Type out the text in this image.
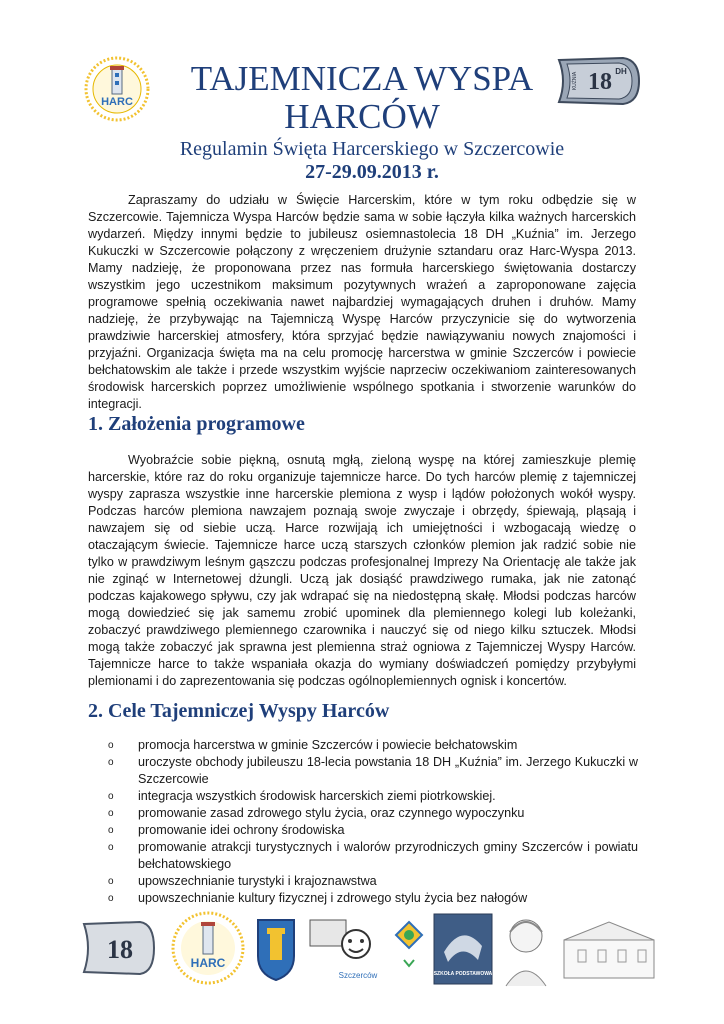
HARC
18 DH
KUŹNIA
TAJEMNICZA WYSPA
HARCÓW

Regulamin Święta Harcerskiego w Szczercowie

27-29.09.2013 r.

Zapraszamy do udziału w Święcie Harcerskim, które w tym roku odbędzie się w Szczercowie. Tajemnicza Wyspa Harców będzie sama w sobie łączyła kilka ważnych harcerskich wydarzeń. Między innymi będzie to jubileusz osiemnastolecia 18 DH „Kuźnia” im. Jerzego Kukuczki w Szczercowie połączony z wręczeniem drużynie sztandaru oraz Harc-Wyspa 2013. Mamy nadzieję, że proponowana przez nas formuła harcerskiego świętowania dostarczy wszystkim jego uczestnikom maksimum pozytywnych wrażeń a zaproponowane zajęcia programowe spełnią oczekiwania nawet najbardziej wymagających druhen i druhów. Mamy nadzieję, że przybywając na Tajemniczą Wyspę Harców przyczynicie się do wytworzenia prawdziwie harcerskiej atmosfery, która sprzyjać będzie nawiązywaniu nowych znajomości i przyjaźni. Organizacja święta ma na celu promocję harcerstwa w gminie Szczerców i powiecie bełchatowskim ale także i przede wszystkim wyjście naprzeciw oczekiwaniom zainteresowanych środowisk harcerskich poprzez umożliwienie wspólnego spotkania i stworzenie warunków do integracji.

1. Założenia programowe

Wyobraźcie sobie piękną, osnutą mgłą, zieloną wyspę na której zamieszkuje plemię harcerskie, które raz do roku organizuje tajemnicze harce. Do tych harców plemię z tajemniczej wyspy zaprasza wszystkie inne harcerskie plemiona z wysp i lądów położonych wokół wyspy. Podczas harców plemiona nawzajem poznają swoje zwyczaje i obrzędy, śpiewają, pląsają i nawzajem się od siebie uczą. Harce rozwijają ich umiejętności i wzbogacają wiedzę o otaczającym świecie. Tajemnicze harce uczą starszych członków plemion jak radzić sobie nie tylko w prawdziwym leśnym gąszczu podczas profesjonalnej Imprezy Na Orientację ale także jak nie zginąć w Internetowej dżungli. Uczą jak dosiąść prawdziwego rumaka, jak nie zatonąć podczas kajakowego spływu, czy jak wdrapać się na niedostępną skałę. Młodsi podczas harców mogą dowiedzieć się jak samemu zrobić upominek dla plemiennego kolegi lub koleżanki, zobaczyć prawdziwego plemiennego czarownika i nauczyć się od niego kilku sztuczek. Młodsi mogą także zobaczyć jak sprawna jest plemienna straż ogniowa z Tajemniczej Wyspy Harców. Tajemnicze harce to także wspaniała okazja do wymiany doświadczeń pomiędzy przybyłymi plemionami i do zaprezentowania się podczas ogólnoplemiennych ognisk i koncertów.

2. Cele Tajemniczej Wyspy Harców
o promocja harcerstwa w gminie Szczerców i powiecie bełchatowskim
o uroczyste obchody jubileuszu 18-lecia powstania 18 DH „Kuźnia” im. Jerzego Kukuczki w Szczercowie
o integracja wszystkich środowisk harcerskich ziemi piotrkowskiej.
o promowanie zasad zdrowego stylu życia, oraz czynnego wypoczynku
o promowanie idei ochrony środowiska
o promowanie atrakcji turystycznych i walorów przyrodniczych gminy Szczerców i powiatu bełchatowskiego
o upowszechnianie turystyki i krajoznawstwa
o upowszechnianie kultury fizycznej i zdrowego stylu życia bez nałogów
18	HARC
Szczerców	SZKOŁA PODSTAWOWA
